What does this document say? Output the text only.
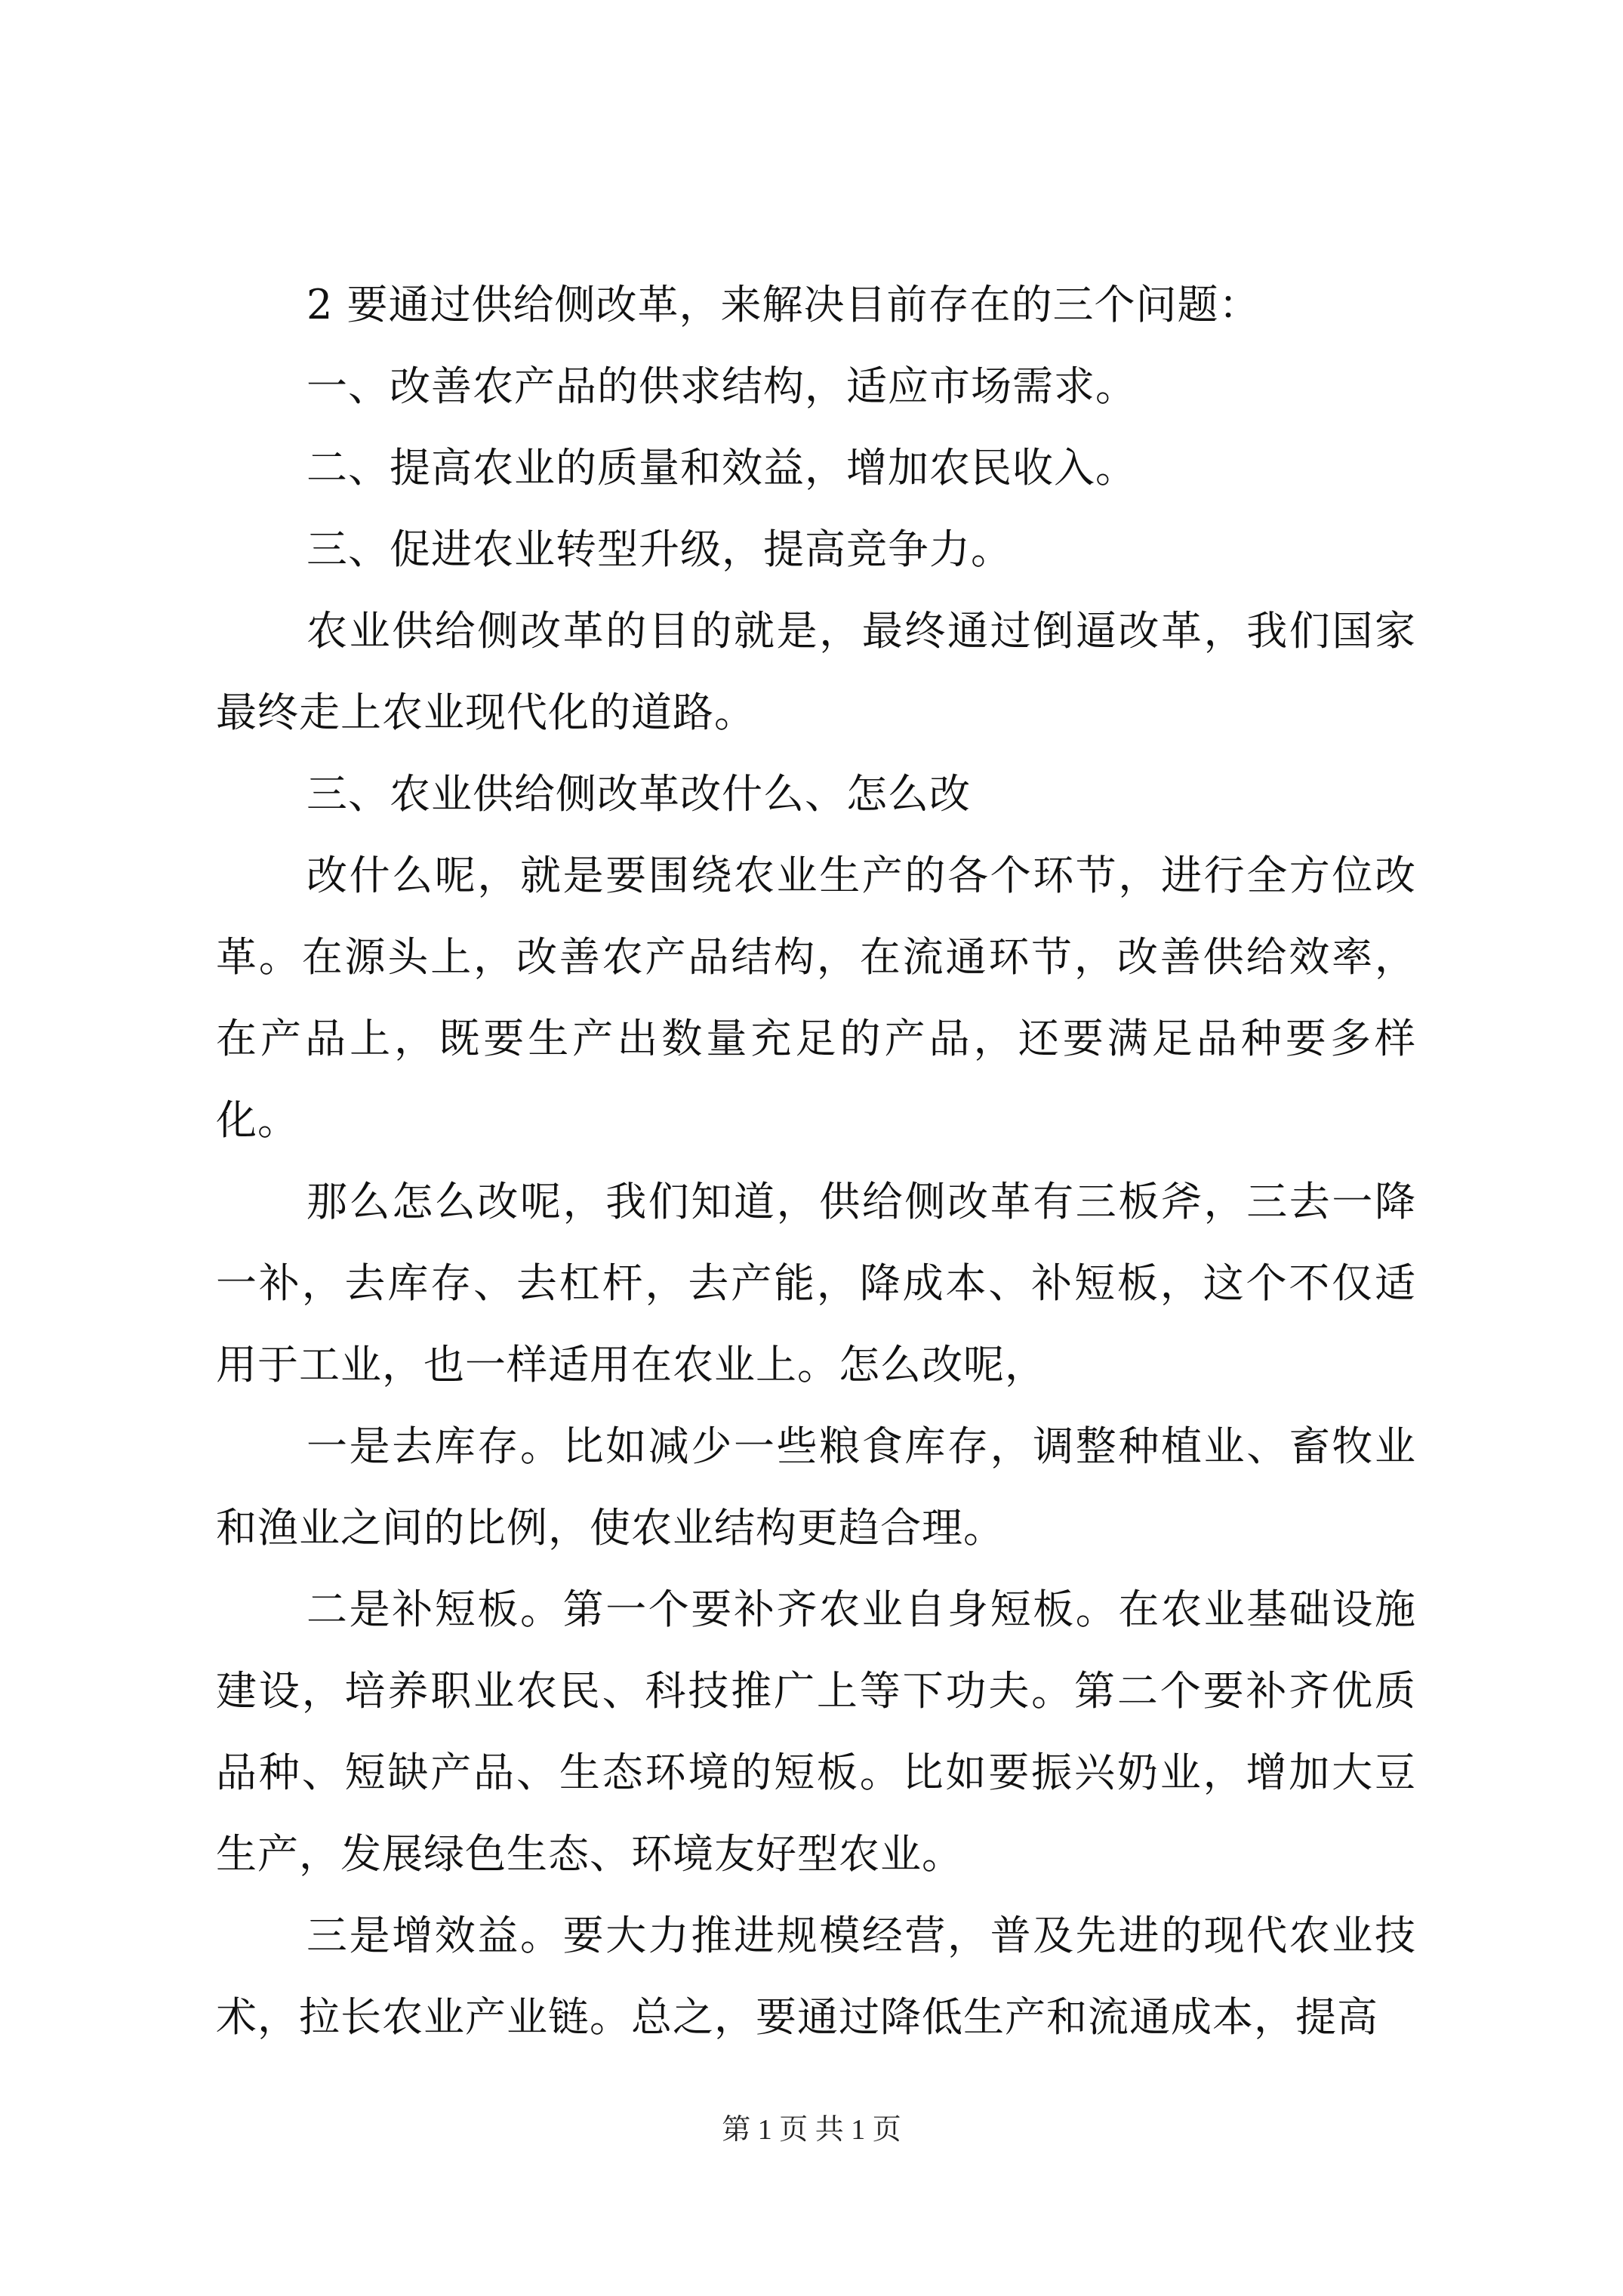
2 要通过供给侧改革，来解决目前存在的三个问题：

一、改善农产品的供求结构，适应市场需求。

二、提高农业的质量和效益，增加农民收入。

三、促进农业转型升级，提高竞争力。

农业供给侧改革的目的就是，最终通过倒逼改革，我们国家最终走上农业现代化的道路。

三、农业供给侧改革改什么、怎么改

改什么呢，就是要围绕农业生产的各个环节，进行全方位改革。在源头上，改善农产品结构，在流通环节，改善供给效率，在产品上，既要生产出数量充足的产品，还要满足品种要多样化。

那么怎么改呢，我们知道，供给侧改革有三板斧，三去一降一补，去库存、去杠杆，去产能，降成本、补短板，这个不仅适用于工业，也一样适用在农业上。怎么改呢，

一是去库存。比如减少一些粮食库存，调整种植业、畜牧业和渔业之间的比例，使农业结构更趋合理。

二是补短板。第一个要补齐农业自身短板。在农业基础设施建设，培养职业农民、科技推广上等下功夫。第二个要补齐优质品种、短缺产品、生态环境的短板。比如要振兴奶业，增加大豆生产，发展绿色生态、环境友好型农业。

三是增效益。要大力推进规模经营，普及先进的现代农业技术，拉长农业产业链。总之，要通过降低生产和流通成本，提高

第 1 页 共 1 页
